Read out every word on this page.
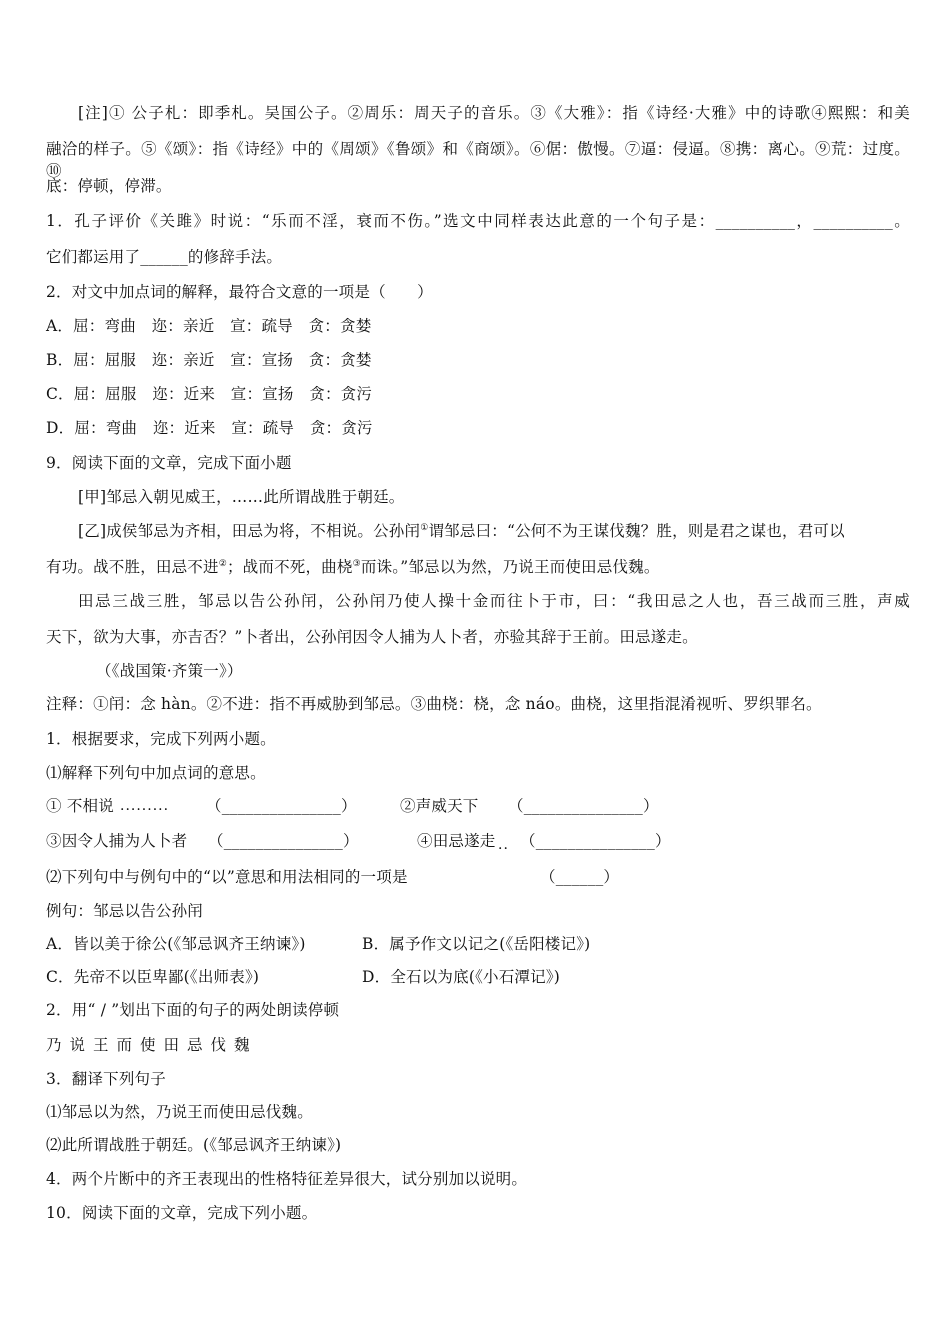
[注]① 公子札：即季札。吴国公子。②周乐：周天子的音乐。③《大雅》：指《诗经·大雅》中的诗歌④熙熙：和美
融洽的样子。⑤《颂》：指《诗经》中的《周颂》《鲁颂》和《商颂》。⑥倨：傲慢。⑦逼：侵逼。⑧携：离心。⑨荒：过度。⑩
底：停顿，停滞。
1．孔子评价《关雎》时说：“乐而不淫，衰而不伤。”选文中同样表达此意的一个句子是：__________，__________。
它们都运用了______的修辞手法。
2．对文中加点词的解释，最符合文意的一项是（　　）
A．屈：弯曲　迩：亲近　宣：疏导　贪：贪婪
B．屈：屈服　迩：亲近　宣：宣扬　贪：贪婪
C．屈：屈服　迩：近来　宣：宣扬　贪：贪污
D．屈：弯曲　迩：近来　宣：疏导　贪：贪污
9．阅读下面的文章，完成下面小题
[甲]邹忌入朝见威王，……此所谓战胜于朝廷。
[乙]成侯邹忌为齐相，田忌为将，不相说。公孙闬①谓邹忌曰：“公何不为王谋伐魏？胜，则是君之谋也，君可以
有功。战不胜，田忌不进②；战而不死，曲桡③而诛。”邹忌以为然，乃说王而使田忌伐魏。
田忌三战三胜，邹忌以告公孙闬，公孙闬乃使人操十金而往卜于市，曰：“我田忌之人也，吾三战而三胜，声威
天下，欲为大事，亦吉否？”卜者出，公孙闬因令人捕为人卜者，亦验其辞于王前。田忌遂走。
（《战国策·齐策一》）
注释：①闬：念 hàn。②不进：指不再威胁到邹忌。③曲桡：桡，念 náo。曲桡，这里指混淆视听、罗织罪名。
1．根据要求，完成下列两小题。
⑴解释下列句中加点词的意思。
① 不相说 ········· （_______________）	②声威天下 （_______________）
③因令人捕为人卜者 （_______________）	④田忌遂走 ·· （_______________）
⑵下列句中与例句中的“以”意思和用法相同的一项是	（______）
例句：邹忌以告公孙闬
A．皆以美于徐公(《邹忌讽齐王纳谏》)	B．属予作文以记之(《岳阳楼记》)
C．先帝不以臣卑鄙(《出师表》)	D．全石以为底(《小石潭记》)
2．用“ / ”划出下面的句子的两处朗读停顿
乃说王而使田忌伐魏
3．翻译下列句子
⑴邹忌以为然，乃说王而使田忌伐魏。
⑵此所谓战胜于朝廷。(《邹忌讽齐王纳谏》)
4．两个片断中的齐王表现出的性格特征差异很大，试分别加以说明。
10．阅读下面的文章，完成下列小题。
